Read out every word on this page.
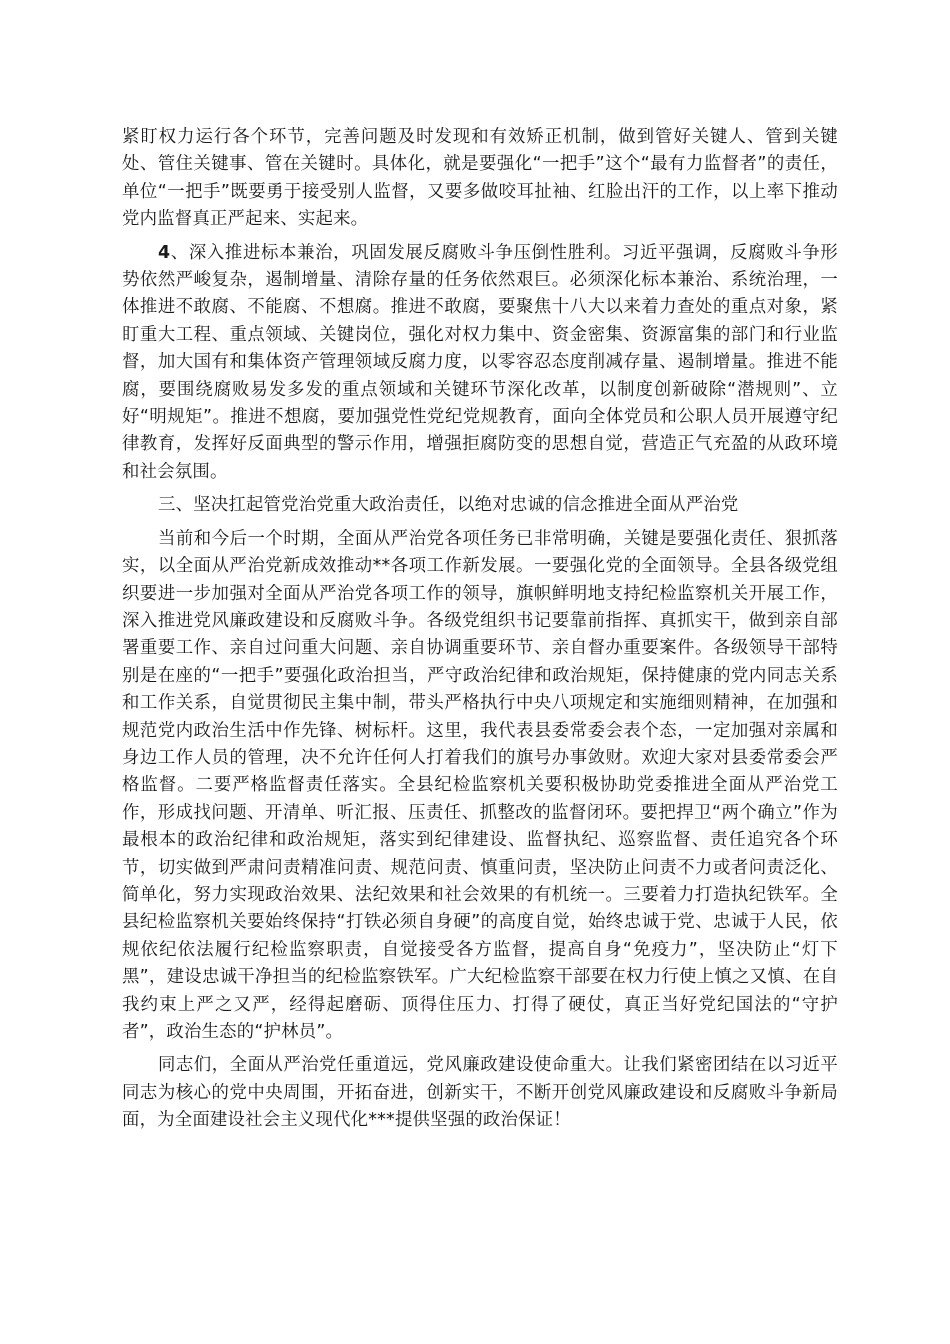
紧盯权力运行各个环节，完善问题及时发现和有效矫正机制，做到管好关键人、管到关键处、管住关键事、管在关键时。具体化，就是要强化“一把手”这个“最有力监督者”的责任，单位“一把手”既要勇于接受别人监督，又要多做咬耳扯袖、红脸出汗的工作，以上率下推动党内监督真正严起来、实起来。

4、深入推进标本兼治，巩固发展反腐败斗争压倒性胜利。习近平强调，反腐败斗争形势依然严峻复杂，遏制增量、清除存量的任务依然艰巨。必须深化标本兼治、系统治理，一体推进不敢腐、不能腐、不想腐。推进不敢腐，要聚焦十八大以来着力查处的重点对象，紧盯重大工程、重点领域、关键岗位，强化对权力集中、资金密集、资源富集的部门和行业监督，加大国有和集体资产管理领域反腐力度，以零容忍态度削减存量、遏制增量。推进不能腐，要围绕腐败易发多发的重点领域和关键环节深化改革，以制度创新破除“潜规则”、立好“明规矩”。推进不想腐，要加强党性党纪党规教育，面向全体党员和公职人员开展遵守纪律教育，发挥好反面典型的警示作用，增强拒腐防变的思想自觉，营造正气充盈的从政环境和社会氛围。

三、坚决扛起管党治党重大政治责任，以绝对忠诚的信念推进全面从严治党

当前和今后一个时期，全面从严治党各项任务已非常明确，关键是要强化责任、狠抓落实，以全面从严治党新成效推动**各项工作新发展。一要强化党的全面领导。全县各级党组织要进一步加强对全面从严治党各项工作的领导，旗帜鲜明地支持纪检监察机关开展工作，深入推进党风廉政建设和反腐败斗争。各级党组织书记要靠前指挥、真抓实干，做到亲自部署重要工作、亲自过问重大问题、亲自协调重要环节、亲自督办重要案件。各级领导干部特别是在座的“一把手”要强化政治担当，严守政治纪律和政治规矩，保持健康的党内同志关系和工作关系，自觉贯彻民主集中制，带头严格执行中央八项规定和实施细则精神，在加强和规范党内政治生活中作先锋、树标杆。这里，我代表县委常委会表个态，一定加强对亲属和身边工作人员的管理，决不允许任何人打着我们的旗号办事敛财。欢迎大家对县委常委会严格监督。二要严格监督责任落实。全县纪检监察机关要积极协助党委推进全面从严治党工作，形成找问题、开清单、听汇报、压责任、抓整改的监督闭环。要把捍卫“两个确立”作为最根本的政治纪律和政治规矩，落实到纪律建设、监督执纪、巡察监督、责任追究各个环节，切实做到严肃问责精准问责、规范问责、慎重问责，坚决防止问责不力或者问责泛化、简单化，努力实现政治效果、法纪效果和社会效果的有机统一。三要着力打造执纪铁军。全县纪检监察机关要始终保持“打铁必须自身硬”的高度自觉，始终忠诚于党、忠诚于人民，依规依纪依法履行纪检监察职责，自觉接受各方监督，提高自身“免疫力”，坚决防止“灯下黑”，建设忠诚干净担当的纪检监察铁军。广大纪检监察干部要在权力行使上慎之又慎、在自我约束上严之又严，经得起磨砺、顶得住压力、打得了硬仗，真正当好党纪国法的“守护者”，政治生态的“护林员”。

同志们，全面从严治党任重道远，党风廉政建设使命重大。让我们紧密团结在以习近平同志为核心的党中央周围，开拓奋进，创新实干，不断开创党风廉政建设和反腐败斗争新局面，为全面建设社会主义现代化***提供坚强的政治保证！
